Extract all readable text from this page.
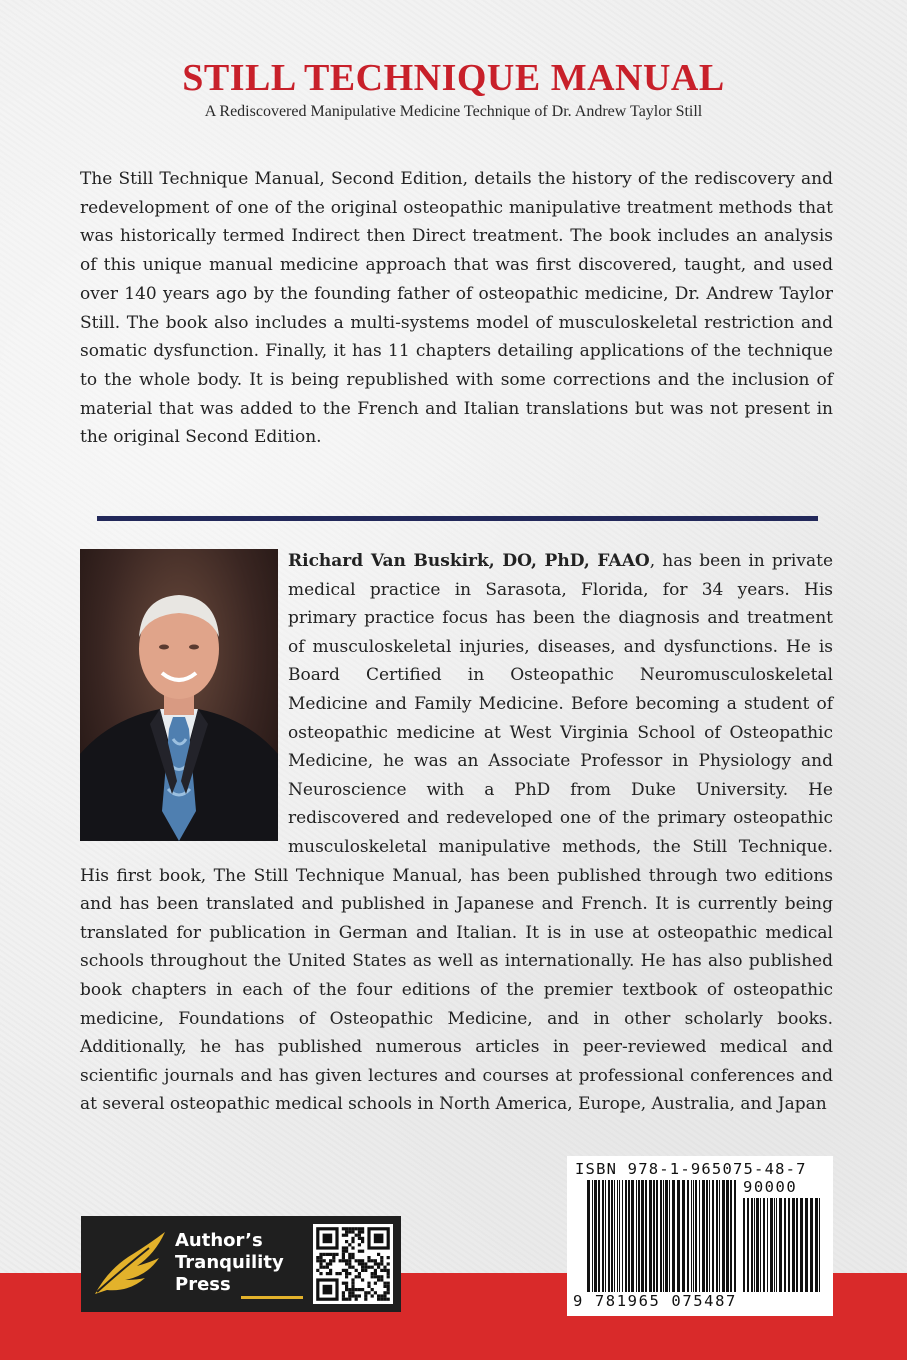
STILL TECHNIQUE MANUAL

A Rediscovered Manipulative Medicine Technique of Dr. Andrew Taylor Still

The Still Technique Manual, Second Edition, details the history of the rediscovery and redevelopment of one of the original osteopathic manipulative treatment methods that was historically termed Indirect then Direct treatment. The book includes an analysis of this unique manual medicine approach that was first discovered, taught, and used over 140 years ago by the founding father of osteopathic medicine, Dr. Andrew Taylor Still. The book also includes a multi-systems model of musculoskeletal restriction and somatic dysfunction. Finally, it has 11 chapters detailing applications of the technique to the whole body. It is being republished with some corrections and the inclusion of material that was added to the French and Italian translations but was not present in the original Second Edition.

Richard Van Buskirk, DO, PhD, FAAO, has been in private medical practice in Sarasota, Florida, for 34 years. His primary practice focus has been the diagnosis and treatment of musculoskeletal injuries, diseases, and dysfunctions. He is Board Certified in Osteopathic Neuromusculoskeletal Medicine and Family Medicine. Before becoming a student of osteopathic medicine at West Virginia School of Osteopathic Medicine, he was an Associate Professor in Physiology and Neuroscience with a PhD from Duke University. He rediscovered and redeveloped one of the primary osteopathic musculoskeletal manipulative methods, the Still Technique. His first book, The Still Technique Manual, has been published through two editions and has been translated and published in Japanese and French. It is currently being translated for publication in German and Italian. It is in use at osteopathic medical schools throughout the United States as well as internationally. He has also published book chapters in each of the four editions of the premier textbook of osteopathic medicine, Foundations of Osteopathic Medicine, and in other scholarly books. Additionally, he has published numerous articles in peer-reviewed medical and scientific journals and has given lectures and courses at professional conferences and at several osteopathic medical schools in North America, Europe, Australia, and Japan
Author’s
Tranquility
Press
ISBN 978-1-965075-48-7
90000
9 781965 075487
